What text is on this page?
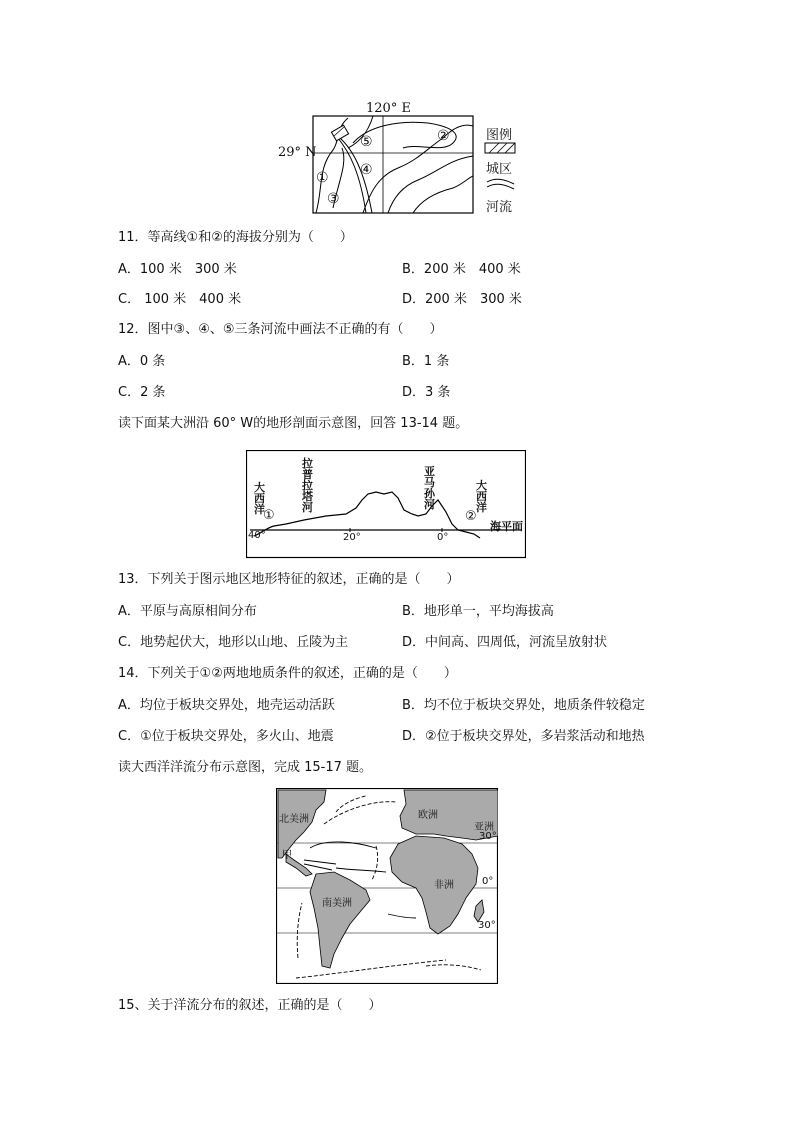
120° E
29° N
①
②
③
④
⑤	图例
城区
河流
11．等高线①和②的海拔分别为（　　）
A．100 米　300 米	B．200 米　400 米
C． 100 米　400 米	D．200 米　300 米
12．图中③、④、⑤三条河流中画法不正确的有（　　）
A．0 条	B．1 条
C．2 条	D．3 条
读下面某大洲沿 60° W的地形剖面示意图，回答 13-14 题。
大西洋
①
拉普拉塔河
亚马孙河
大西洋
②
海平面
40°	20°	0°
13．下列关于图示地区地形特征的叙述，正确的是（　　）
A．平原与高原相间分布	B．地形单一，平均海拔高
C．地势起伏大，地形以山地、丘陵为主	D．中间高、四周低，河流呈放射状
14．下列关于①②两地地质条件的叙述，正确的是（　　）
A．均位于板块交界处，地壳运动活跃	B．均不位于板块交界处，地质条件较稳定
C．①位于板块交界处，多火山、地震	D．②位于板块交界处，多岩浆活动和地热
读大西洋洋流分布示意图，完成 15-17 题。
北美洲	欧洲
亚洲
30°
甲
非洲	0°
南美洲
30°
15、关于洋流分布的叙述，正确的是（　　）
